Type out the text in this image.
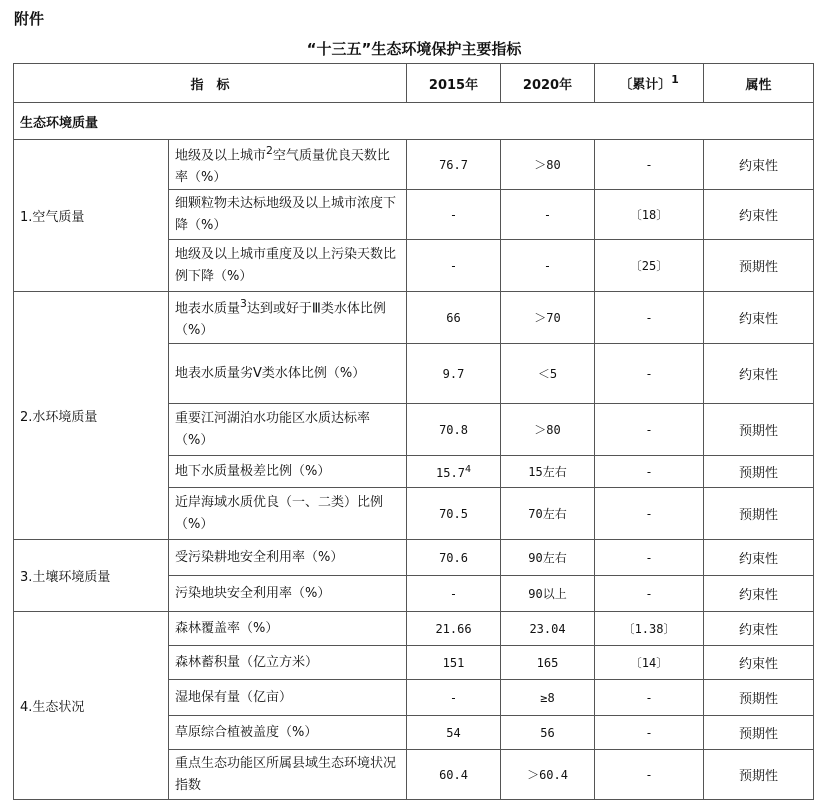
附件
“十三五”生态环境保护主要指标
指　标		2015年	2020年	〔累计〕$^1$	属性
生态环境质量					
1.空气质量	地级及以上城市$^2$空气质量优良天数比率（%）	76.7	＞80	-	约束性
	细颗粒物未达标地级及以上城市浓度下降（%）	-	-	〔18〕	约束性
	地级及以上城市重度及以上污染天数比例下降（%）	-	-	〔25〕	预期性
2.水环境质量	地表水质量$^3$达到或好于Ⅲ类水体比例（%）	66	＞70	-	约束性
	地表水质量劣Ⅴ类水体比例（%）	9.7	＜5	-	约束性
	重要江河湖泊水功能区水质达标率（%）	70.8	＞80	-	预期性
	地下水质量极差比例（%）	15.7$^4$	15左右	-	预期性
	近岸海域水质优良（一、二类）比例（%）	70.5	70左右	-	预期性
3.土壤环境质量	受污染耕地安全利用率（%）	70.6	90左右	-	约束性
	污染地块安全利用率（%）	-	90以上	-	约束性
4.生态状况	森林覆盖率（%）	21.66	23.04	〔1.38〕	约束性
	森林蓄积量（亿立方米）	151	165	〔14〕	约束性
	湿地保有量（亿亩）	-	≥8	-	预期性
	草原综合植被盖度（%）	54	56	-	预期性
	重点生态功能区所属县域生态环境状况指数	60.4	＞60.4	-	预期性
